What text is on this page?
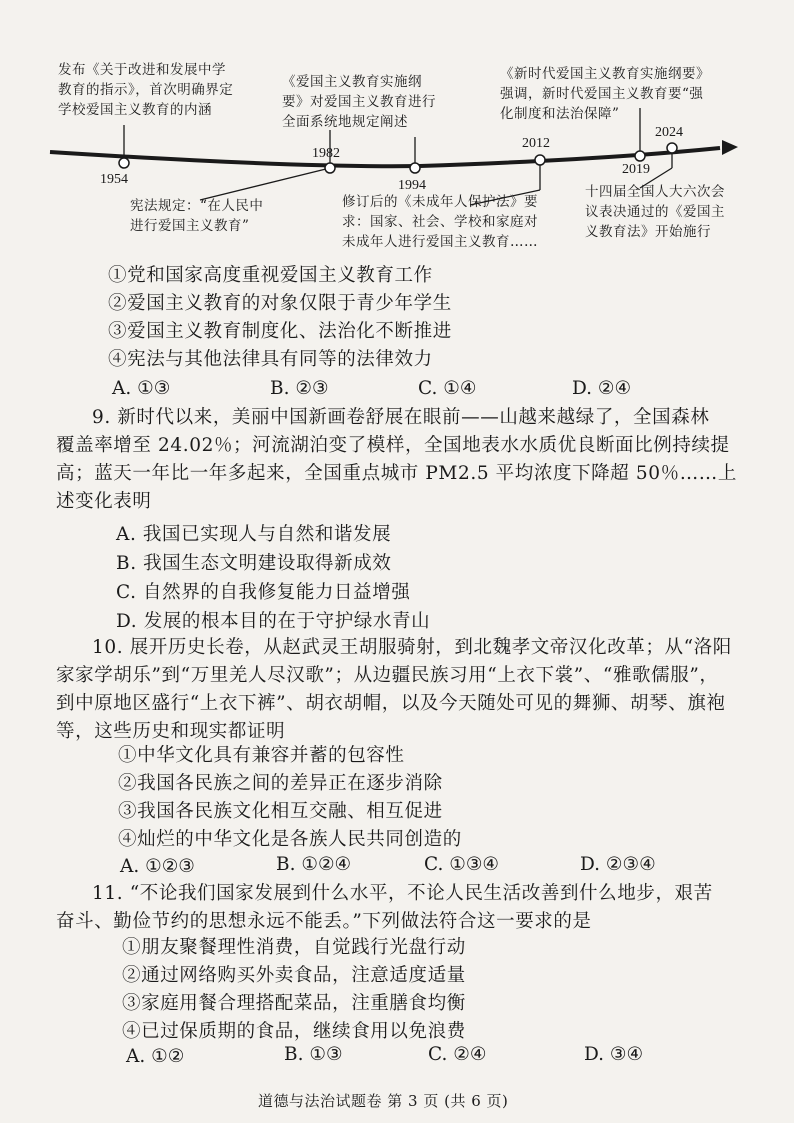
1954
1982
1994
2012
2019
2024
发布《关于改进和发展中学
教育的指示》，首次明确界定
学校爱国主义教育的内涵
宪法规定：“在人民中
进行爱国主义教育”
《爱国主义教育实施纲
要》对爱国主义教育进行
全面系统地规定阐述
修订后的《未成年人保护法》要
求：国家、社会、学校和家庭对
未成年人进行爱国主义教育……
《新时代爱国主义教育实施纲要》
强调，新时代爱国主义教育要“强
化制度和法治保障”
十四届全国人大六次会
议表决通过的《爱国主
义教育法》开始施行
①党和国家高度重视爱国主义教育工作
②爱国主义教育的对象仅限于青少年学生
③爱国主义教育制度化、法治化不断推进
④宪法与其他法律具有同等的法律效力
A. ①③	B. ②③	C. ①④	D. ②④
9. 新时代以来，美丽中国新画卷舒展在眼前——山越来越绿了，全国森林
覆盖率增至 24.02％；河流湖泊变了模样，全国地表水水质优良断面比例持续提
高；蓝天一年比一年多起来，全国重点城市 PM2.5 平均浓度下降超 50％……上
述变化表明
A. 我国已实现人与自然和谐发展
B. 我国生态文明建设取得新成效
C. 自然界的自我修复能力日益增强
D. 发展的根本目的在于守护绿水青山
10. 展开历史长卷，从赵武灵王胡服骑射，到北魏孝文帝汉化改革；从“洛阳
家家学胡乐”到“万里羌人尽汉歌”；从边疆民族习用“上衣下裳”、“雅歌儒服”，
到中原地区盛行“上衣下裤”、胡衣胡帽，以及今天随处可见的舞狮、胡琴、旗袍
等，这些历史和现实都证明
①中华文化具有兼容并蓄的包容性
②我国各民族之间的差异正在逐步消除
③我国各民族文化相互交融、相互促进
④灿烂的中华文化是各族人民共同创造的
A. ①②③	B. ①②④	C. ①③④	D. ②③④
11. “不论我们国家发展到什么水平，不论人民生活改善到什么地步，艰苦
奋斗、勤俭节约的思想永远不能丢。”下列做法符合这一要求的是
①朋友聚餐理性消费，自觉践行光盘行动
②通过网络购买外卖食品，注意适度适量
③家庭用餐合理搭配菜品，注重膳食均衡
④已过保质期的食品，继续食用以免浪费
A. ①②	B. ①③	C. ②④	D. ③④
道德与法治试题卷 第 3 页 (共 6 页)
